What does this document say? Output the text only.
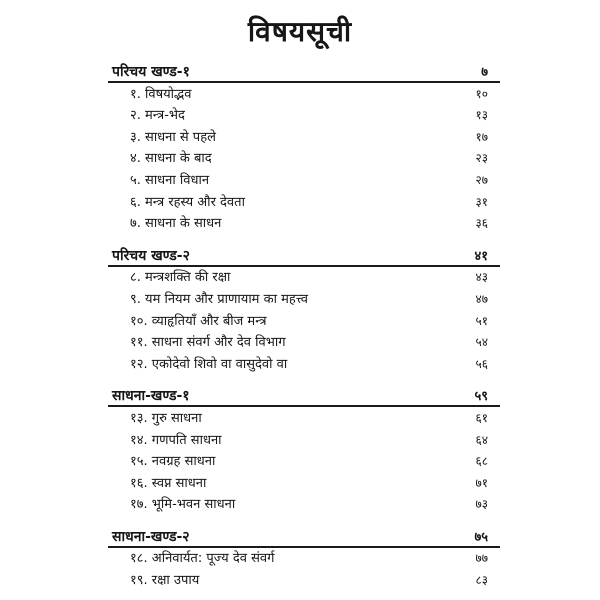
विषयसूची
परिचय खण्ड-१	७
१. विषयोद्भव	१०
२. मन्त्र-भेद	१३
३. साधना से पहले	१७
४. साधना के बाद	२३
५. साधना विधान	२७
६. मन्त्र रहस्य और देवता	३१
७. साधना के साधन	३६
परिचय खण्ड-२	४१
८. मन्त्रशक्ति की रक्षा	४३
९. यम नियम और प्राणायाम का महत्त्व	४७
१०. व्याहृतियाँ और बीज मन्त्र	५१
११. साधना संवर्ग और देव विभाग	५४
१२. एकोदेवो शिवो वा वासुदेवो वा	५६
साधना-खण्ड-१	५९
१३. गुरु साधना	६१
१४. गणपति साधना	६४
१५. नवग्रह साधना	६८
१६. स्वप्न साधना	७१
१७. भूमि-भवन साधना	७३
साधना-खण्ड-२	७५
१८. अनिवार्यत: पूज्य देव संवर्ग	७७
१९. रक्षा उपाय	८३
